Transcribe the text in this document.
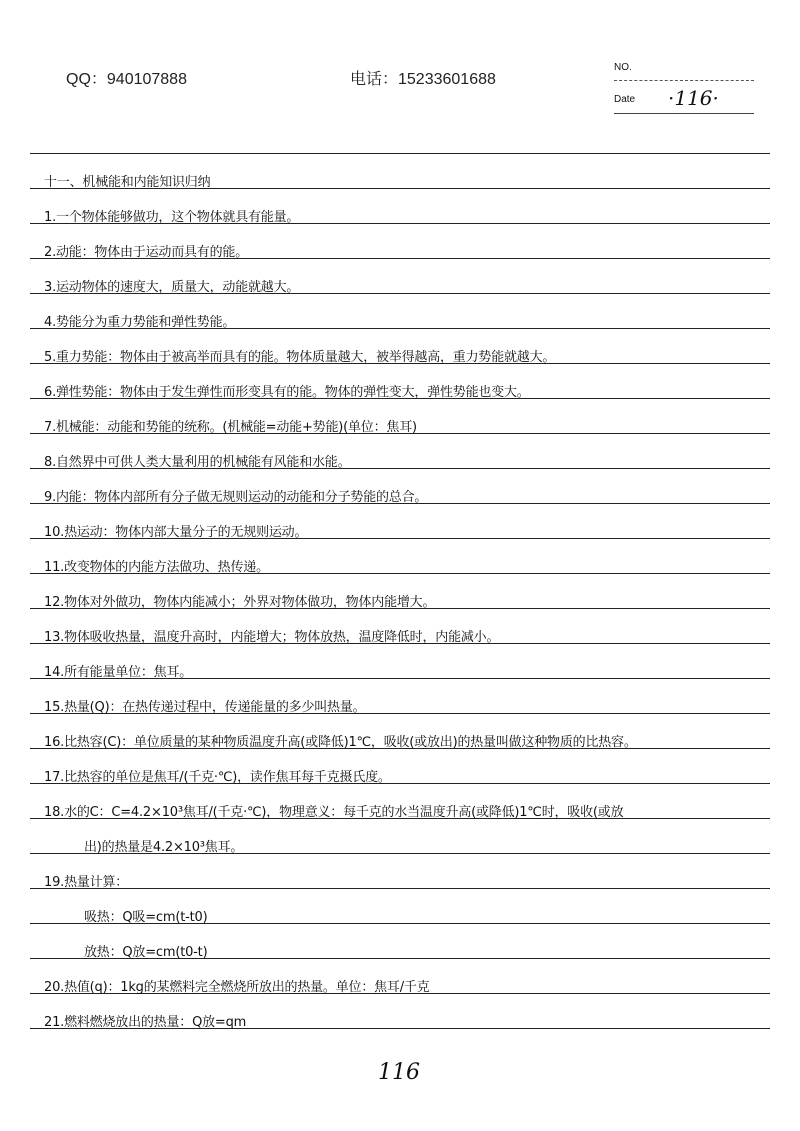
QQ：940107888	电话：15233601688
NO.
Date ·116·
十一、机械能和内能知识归纳
1.一个物体能够做功，这个物体就具有能量。
2.动能：物体由于运动而具有的能。
3.运动物体的速度大，质量大，动能就越大。
4.势能分为重力势能和弹性势能。
5.重力势能：物体由于被高举而具有的能。物体质量越大，被举得越高，重力势能就越大。
6.弹性势能：物体由于发生弹性而形变具有的能。物体的弹性变大，弹性势能也变大。
7.机械能：动能和势能的统称。(机械能=动能+势能)(单位：焦耳)
8.自然界中可供人类大量利用的机械能有风能和水能。
9.内能：物体内部所有分子做无规则运动的动能和分子势能的总合。
10.热运动：物体内部大量分子的无规则运动。
11.改变物体的内能方法做功、热传递。
12.物体对外做功，物体内能减小；外界对物体做功，物体内能增大。
13.物体吸收热量，温度升高时，内能增大；物体放热，温度降低时，内能减小。
14.所有能量单位：焦耳。
15.热量(Q)：在热传递过程中，传递能量的多少叫热量。
16.比热容(C)：单位质量的某种物质温度升高(或降低)1℃，吸收(或放出)的热量叫做这种物质的比热容。
17.比热容的单位是焦耳/(千克·℃)，读作焦耳每千克摄氏度。
18.水的C：C=4.2×10³焦耳/(千克·℃)，物理意义：每千克的水当温度升高(或降低)1℃时，吸收(或放
出)的热量是4.2×10³焦耳。
19.热量计算：
吸热：Q吸=cm(t-t0)
放热：Q放=cm(t0-t)
20.热值(q)：1kg的某燃料完全燃烧所放出的热量。单位：焦耳/千克
21.燃料燃烧放出的热量：Q放=qm
116
